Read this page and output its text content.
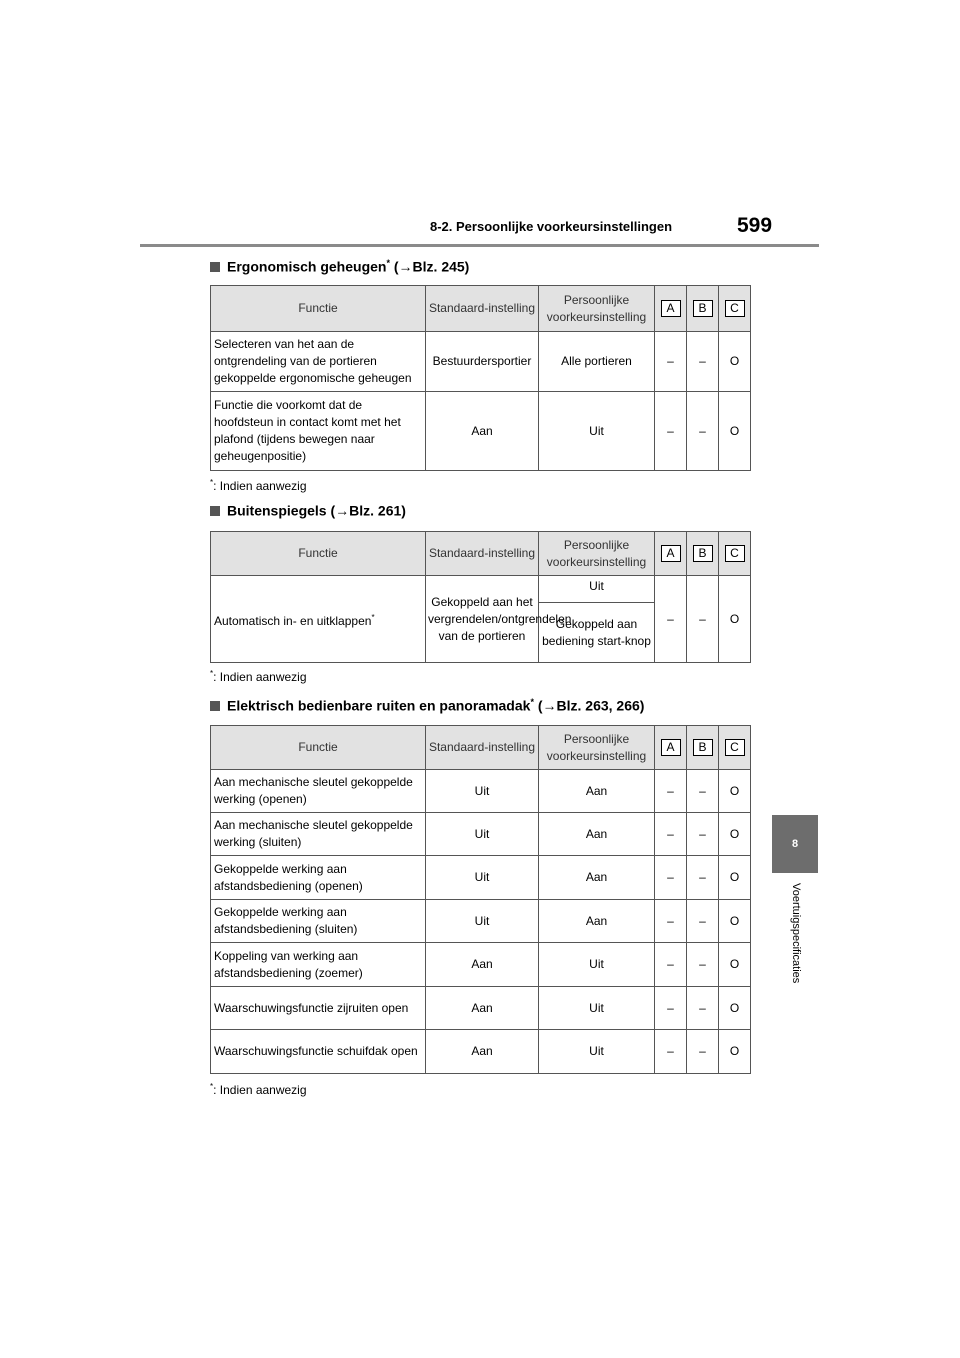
8-2. Persoonlijke voorkeursinstellingen	599
8
Voertuigspecificaties
Ergonomisch geheugen* (→Blz. 245)
Functie	Standaard-instelling	Persoonlijke voorkeursinstelling	A	B	C
Selecteren van het aan de ontgrendeling van de portieren gekoppelde ergonomische geheugen	Bestuurdersportier	Alle portieren	–	–	O
Functie die voorkomt dat de hoofdsteun in contact komt met het plafond (tijdens bewegen naar geheugenpositie)	Aan	Uit	–	–	O
*: Indien aanwezig
Buitenspiegels (→Blz. 261)
Functie	Standaard-instelling	Persoonlijke voorkeursinstelling	A	B	C
Automatisch in- en uitklappen*	Gekoppeld aan het vergrendelen/ontgrendelen van de portieren	Uit	–	–	O
		Gekoppeld aan bediening start-knop			
*: Indien aanwezig
Elektrisch bedienbare ruiten en panoramadak* (→Blz. 263, 266)
Functie	Standaard-instelling	Persoonlijke voorkeursinstelling	A	B	C
Aan mechanische sleutel gekoppelde werking (openen)	Uit	Aan	–	–	O
Aan mechanische sleutel gekoppelde werking (sluiten)	Uit	Aan	–	–	O
Gekoppelde werking aan afstandsbediening (openen)	Uit	Aan	–	–	O
Gekoppelde werking aan afstandsbediening (sluiten)	Uit	Aan	–	–	O
Koppeling van werking aan afstandsbediening (zoemer)	Aan	Uit	–	–	O
Waarschuwingsfunctie zijruiten open	Aan	Uit	–	–	O
Waarschuwingsfunctie schuifdak open	Aan	Uit	–	–	O
*: Indien aanwezig
